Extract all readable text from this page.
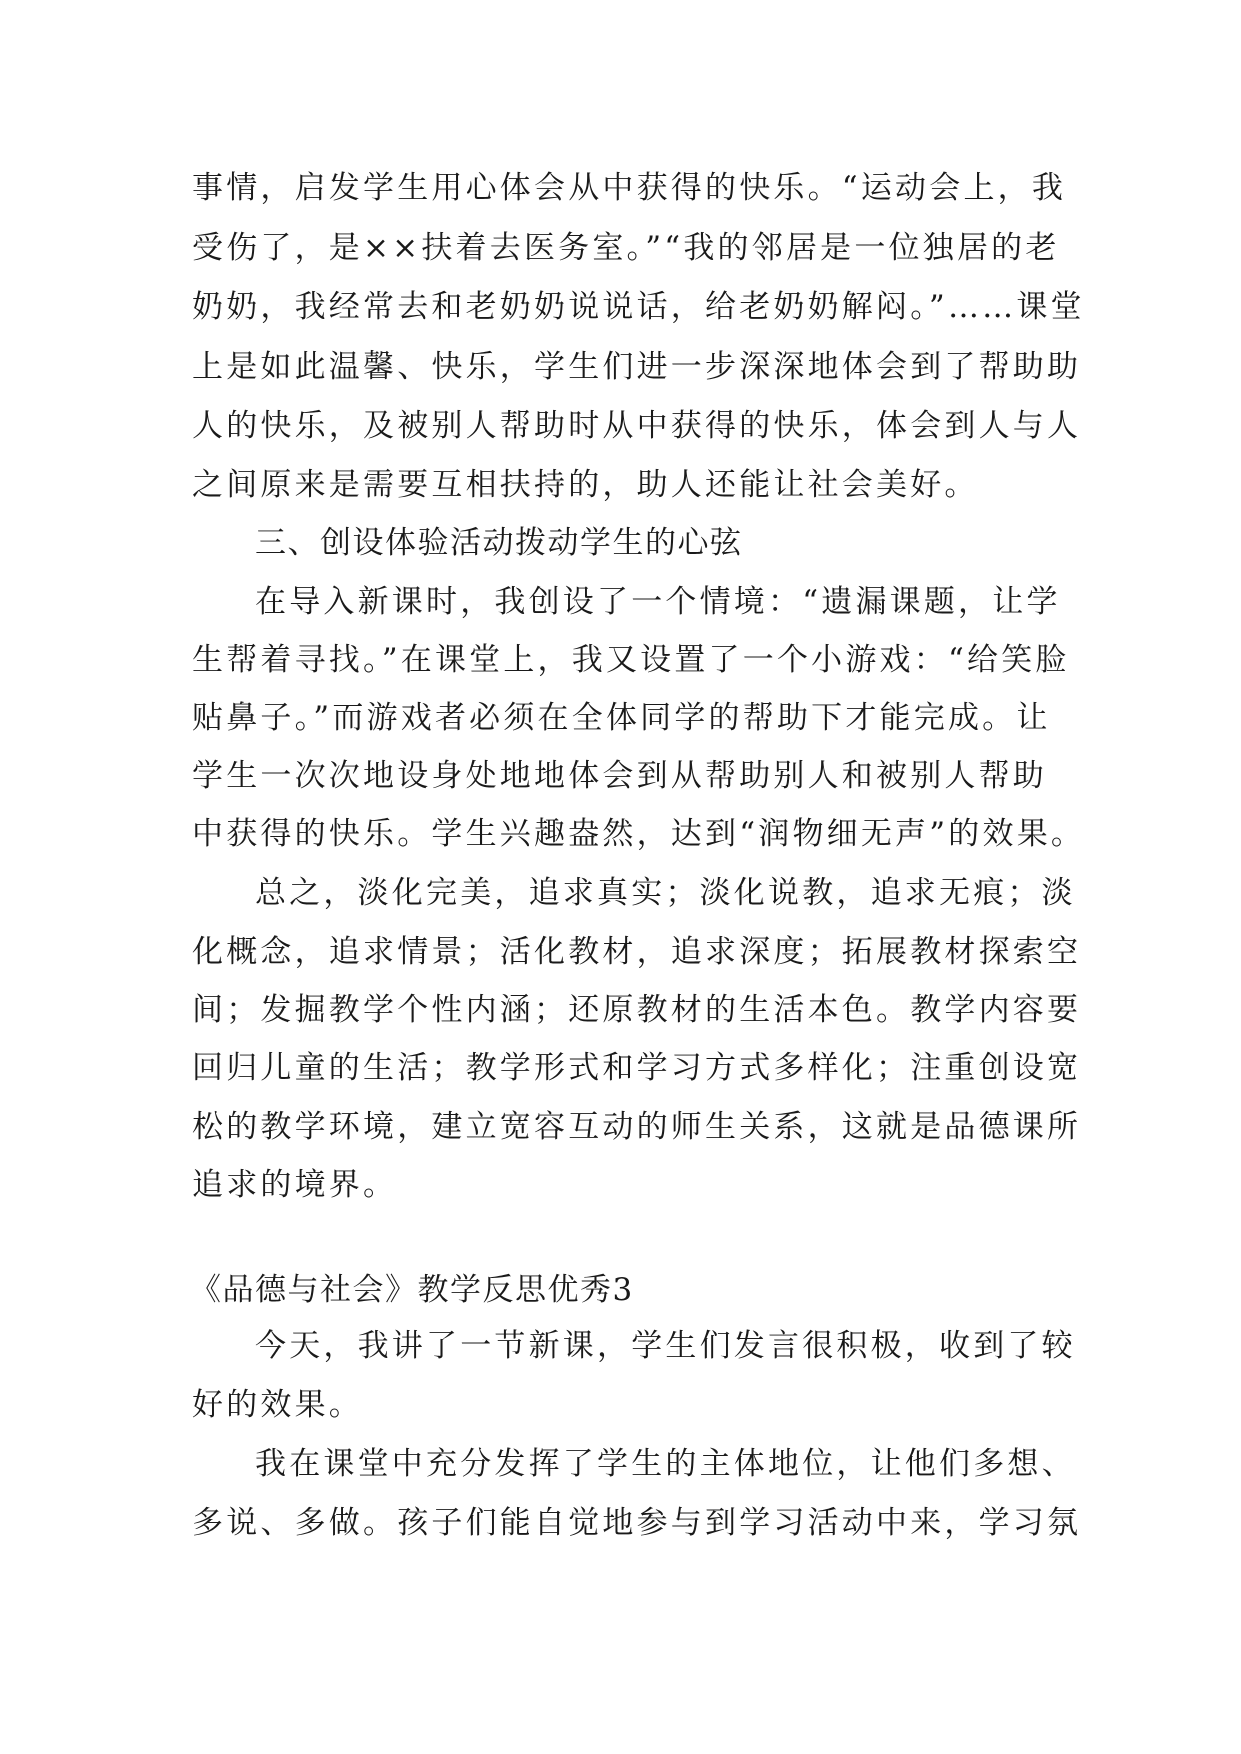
事情，启发学生用心体会从中获得的快乐。“运动会上，我
受伤了，是××扶着去医务室。”“我的邻居是一位独居的老
奶奶，我经常去和老奶奶说说话，给老奶奶解闷。”……课堂
上是如此温馨、快乐，学生们进一步深深地体会到了帮助助
人的快乐，及被别人帮助时从中获得的快乐，体会到人与人
之间原来是需要互相扶持的，助人还能让社会美好。
三、创设体验活动拨动学生的心弦
在导入新课时，我创设了一个情境：“遗漏课题，让学
生帮着寻找。”在课堂上，我又设置了一个小游戏：“给笑脸
贴鼻子。”而游戏者必须在全体同学的帮助下才能完成。让
学生一次次地设身处地地体会到从帮助别人和被别人帮助
中获得的快乐。学生兴趣盎然，达到“润物细无声”的效果。
总之，淡化完美，追求真实；淡化说教，追求无痕；淡
化概念，追求情景；活化教材，追求深度；拓展教材探索空
间；发掘教学个性内涵；还原教材的生活本色。教学内容要
回归儿童的生活；教学形式和学习方式多样化；注重创设宽
松的教学环境，建立宽容互动的师生关系，这就是品德课所
追求的境界。
《品德与社会》教学反思优秀3
今天，我讲了一节新课，学生们发言很积极，收到了较
好的效果。
我在课堂中充分发挥了学生的主体地位，让他们多想、
多说、多做。孩子们能自觉地参与到学习活动中来，学习氛
